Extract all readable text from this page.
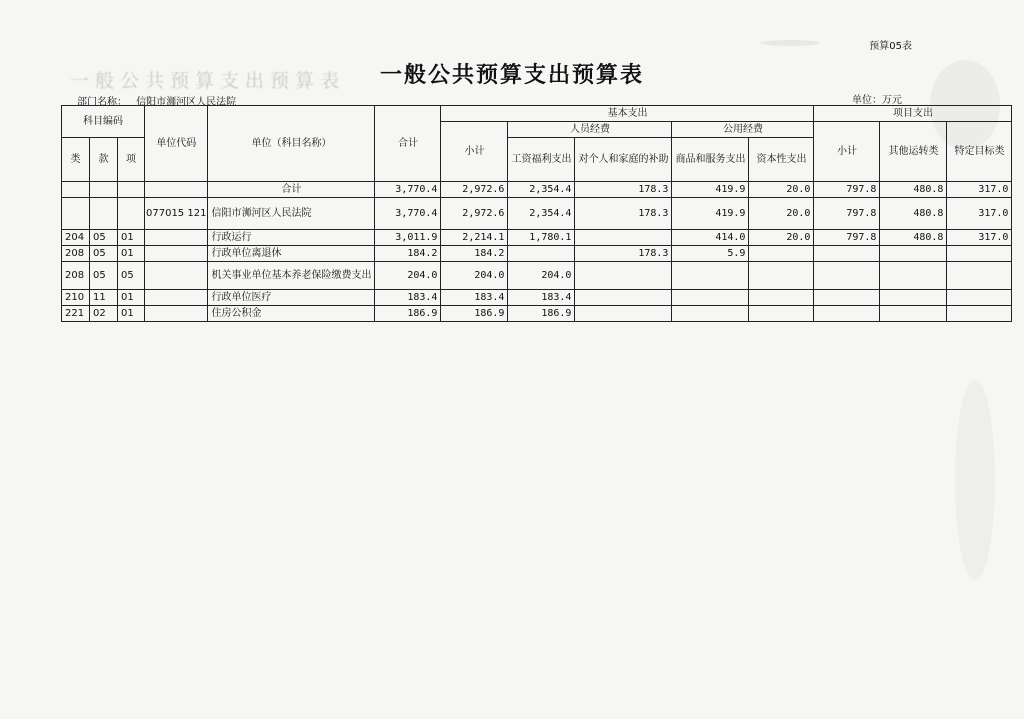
预算05表
一般公共预算支出预算表	一般公共预算支出预算表
部门名称： 信阳市浉河区人民法院	单位：万元
科目编码			单位代码	单位（科目名称）	合计	基本支出					项目支出		
						小计	人员经费		公用经费		小计	其他运转类	特定目标类
类	款	项					工资福利支出	对个人和家庭的补助	商品和服务支出	资本性支出			
				合计	3,770.4	2,972.6	2,354.4	178.3	419.9	20.0	797.8	480.8	317.0
			077015 121	信阳市浉河区人民法院	3,770.4	2,972.6	2,354.4	178.3	419.9	20.0	797.8	480.8	317.0
204	05	01		行政运行	3,011.9	2,214.1	1,780.1		414.0	20.0	797.8	480.8	317.0
208	05	01		行政单位离退休	184.2	184.2		178.3	5.9				
208	05	05		机关事业单位基本养老保险缴费支出	204.0	204.0	204.0						
210	11	01		行政单位医疗	183.4	183.4	183.4						
221	02	01		住房公积金	186.9	186.9	186.9						
